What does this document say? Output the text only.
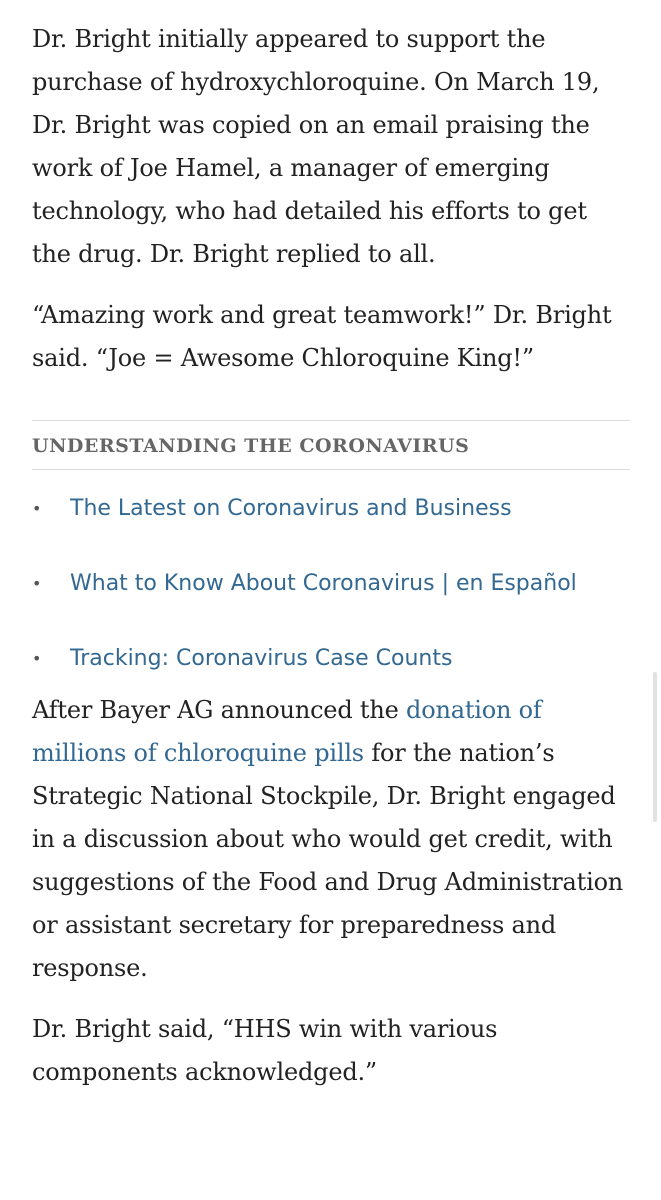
Dr. Bright initially appeared to support the purchase of hydroxychloroquine. On March 19, Dr. Bright was copied on an email praising the work of Joe Hamel, a manager of emerging technology, who had detailed his efforts to get the drug. Dr. Bright replied to all.

“Amazing work and great teamwork!” Dr. Bright said. “Joe = Awesome Chloroquine King!”

UNDERSTANDING THE CORONAVIRUS
• The Latest on Coronavirus and Business
• What to Know About Coronavirus | en Español
• Tracking: Coronavirus Case Counts

After Bayer AG announced the donation of millions of chloroquine pills for the nation’s Strategic National Stockpile, Dr. Bright engaged in a discussion about who would get credit, with suggestions of the Food and Drug Administration or assistant secretary for preparedness and response.

Dr. Bright said, “HHS win with various components acknowledged.”
